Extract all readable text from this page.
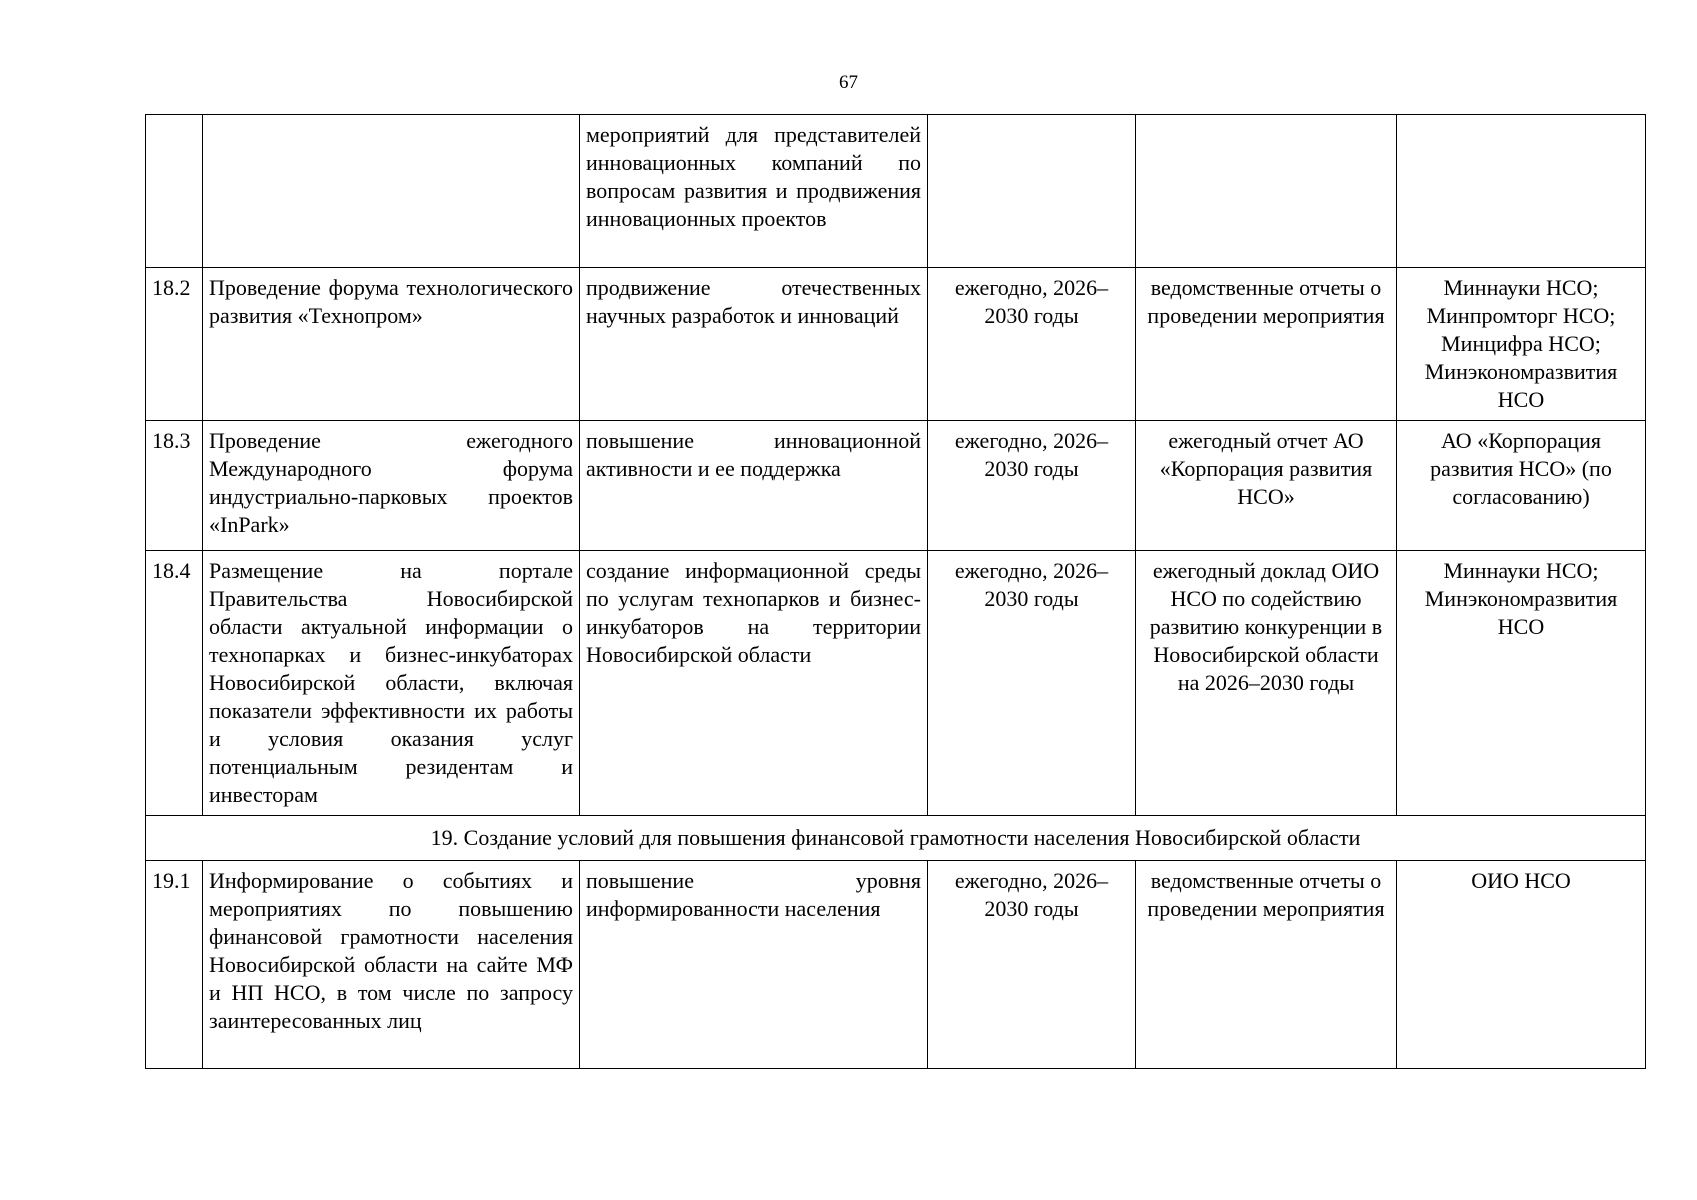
67
		мероприятий для представителей инновационных компаний по вопросам развития и продвижения инновационных проектов			
18.2	Проведение форума технологического развития «Технопром»	продвижение отечественных научных разработок и инноваций	ежегодно, 2026–2030 годы	ведомственные отчеты о проведении мероприятия	Миннауки НСО; Минпромторг НСО; Минцифра НСО; Минэкономразвития НСО
18.3	Проведение ежегодного Международного форума индустриально-парковых проектов «InPark»	повышение инновационной активности и ее поддержка	ежегодно, 2026–2030 годы	ежегодный отчет АО «Корпорация развития НСО»	АО «Корпорация развития НСО» (по согласованию)
18.4	Размещение на портале Правительства Новосибирской области актуальной информации о технопарках и бизнес-инкубаторах Новосибирской области, включая показатели эффективности их работы и условия оказания услуг потенциальным резидентам и инвесторам	создание информационной среды по услугам технопарков и бизнес-инкубаторов на территории Новосибирской области	ежегодно, 2026–2030 годы	ежегодный доклад ОИО НСО по содействию развитию конкуренции в Новосибирской области на 2026–2030 годы	Миннауки НСО; Минэкономразвития НСО
19. Создание условий для повышения финансовой грамотности населения Новосибирской области					
19.1	Информирование о событиях и мероприятиях по повышению финансовой грамотности населения Новосибирской области на сайте МФ и НП НСО, в том числе по запросу заинтересованных лиц	повышение уровня информированности населения	ежегодно, 2026–2030 годы	ведомственные отчеты о проведении мероприятия	ОИО НСО
